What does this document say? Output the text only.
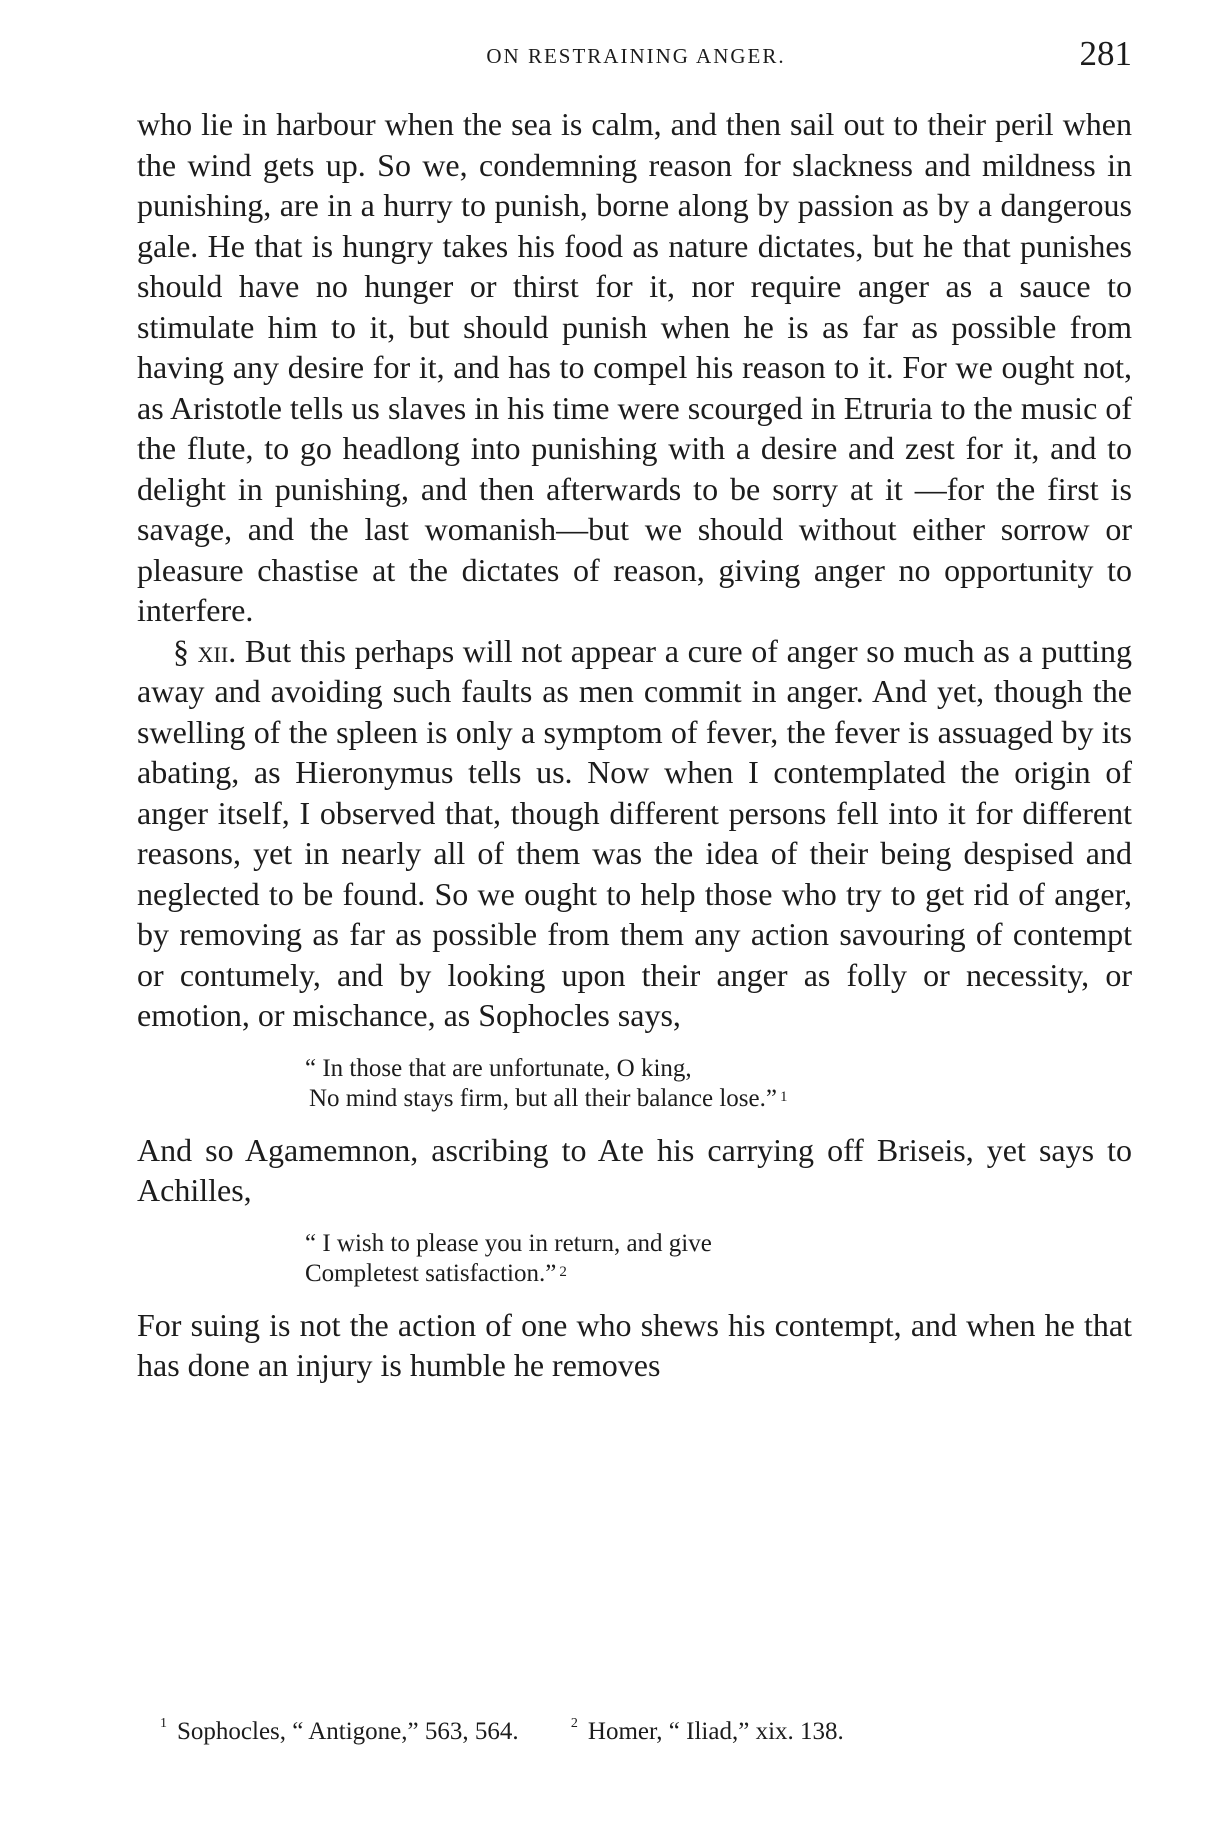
ON RESTRAINING ANGER.	281

who lie in harbour when the sea is calm, and then sail out to their peril when the wind gets up. So we, condemning reason for slackness and mildness in punishing, are in a hurry to punish, borne along by passion as by a dangerous gale. He that is hungry takes his food as nature dictates, but he that punishes should have no hunger or thirst for it, nor require anger as a sauce to stimulate him to it, but should punish when he is as far as possible from having any desire for it, and has to compel his reason to it. For we ought not, as Aristotle tells us slaves in his time were scourged in Etruria to the music of the flute, to go headlong into punishing with a desire and zest for it, and to delight in punishing, and then afterwards to be sorry at it —for the first is savage, and the last womanish—but we should without either sorrow or pleasure chastise at the dictates of reason, giving anger no opportunity to interfere.

§ xii. But this perhaps will not appear a cure of anger so much as a putting away and avoiding such faults as men commit in anger. And yet, though the swelling of the spleen is only a symptom of fever, the fever is assuaged by its abating, as Hieronymus tells us. Now when I contemplated the origin of anger itself, I observed that, though different persons fell into it for different reasons, yet in nearly all of them was the idea of their being despised and neglected to be found. So we ought to help those who try to get rid of anger, by removing as far as possible from them any action savouring of contempt or contumely, and by looking upon their anger as folly or necessity, or emotion, or mischance, as Sophocles says,

“ In those that are unfortunate, O king,
No mind stays firm, but all their balance lose.” $^1$

And so Agamemnon, ascribing to Ate his carrying off Briseis, yet says to Achilles,

“ I wish to please you in return, and give
Completest satisfaction.” $^2$

For suing is not the action of one who shews his contempt, and when he that has done an injury is humble he removes

$^1$ Sophocles, “ Antigone,” 563, 564.	$^2$ Homer, “ Iliad,” xix. 138.
